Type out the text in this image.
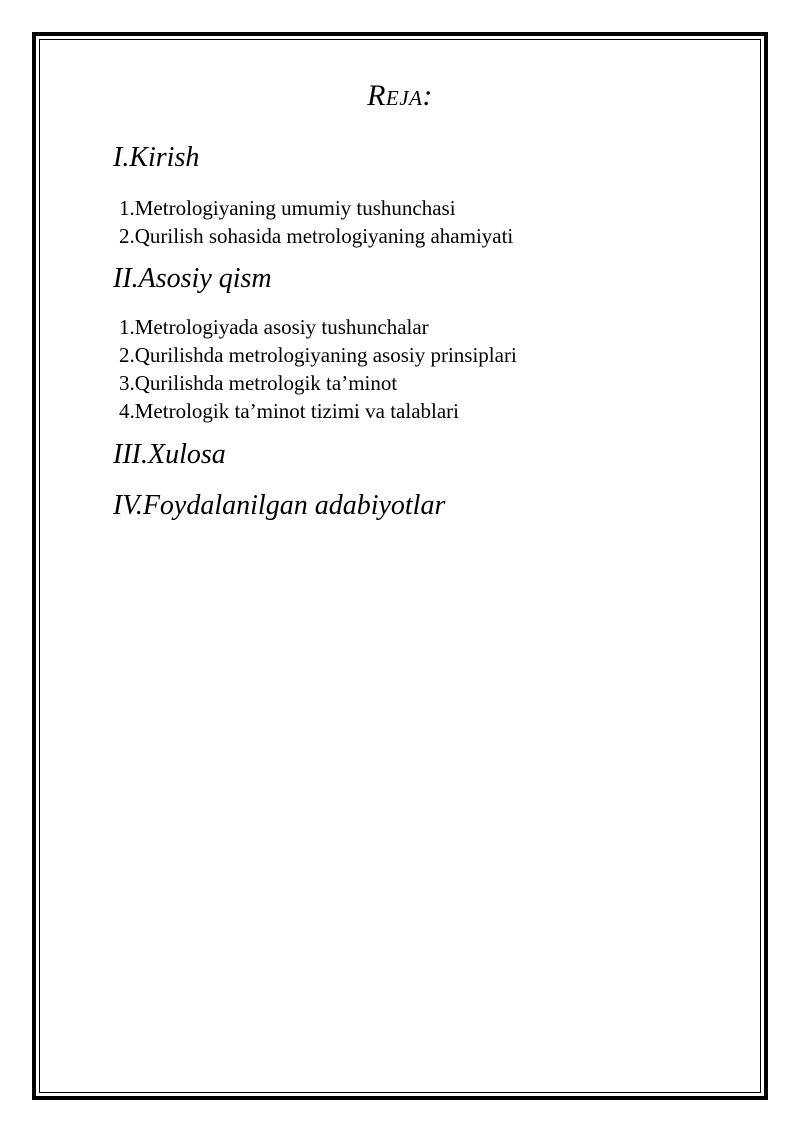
Reja:
I.Kirish
1.Metrologiyaning umumiy tushunchasi
2.Qurilish sohasida metrologiyaning ahamiyati
II.Asosiy qism
1.Metrologiyada asosiy tushunchalar
2.Qurilishda metrologiyaning asosiy prinsiplari
3.Qurilishda metrologik ta’minot
4.Metrologik ta’minot tizimi va talablari
III.Xulosa
IV.Foydalanilgan adabiyotlar
